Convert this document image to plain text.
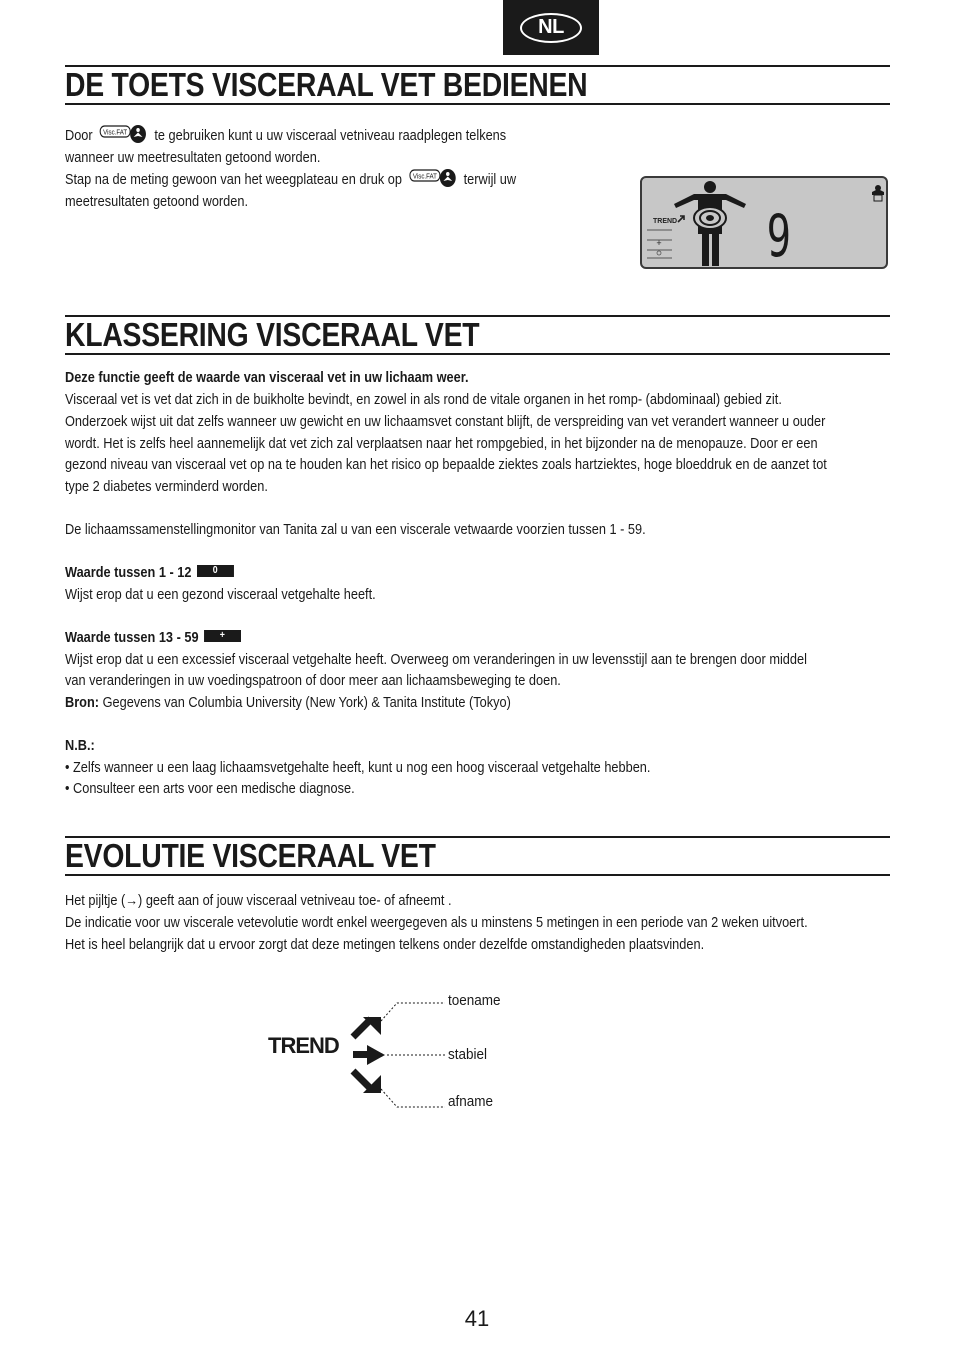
NL
DE TOETS VISCERAAL VET BEDIENEN
Door Visc.FAT te gebruiken kunt u uw visceraal vetniveau raadplegen telkens
wanneer uw meetresultaten getoond worden.
Stap na de meting gewoon van het weegplateau en druk op Visc.FAT terwijl uw
meetresultaten getoond worden.
+
TREND 9
KLASSERING VISCERAAL VET
Deze functie geeft de waarde van visceraal vet in uw lichaam weer.
Visceraal vet is vet dat zich in de buikholte bevindt, en zowel in als rond de vitale organen in het romp- (abdominaal) gebied zit.
Onderzoek wijst uit dat zelfs wanneer uw gewicht en uw lichaamsvet constant blijft, de verspreiding van vet verandert wanneer u ouder
wordt. Het is zelfs heel aannemelijk dat vet zich zal verplaatsen naar het rompgebied, in het bijzonder na de menopauze. Door er een
gezond niveau van visceraal vet op na te houden kan het risico op bepaalde ziektes zoals hartziektes, hoge bloeddruk en de aanzet tot
type 2 diabetes verminderd worden.
De lichaamssamenstellingmonitor van Tanita zal u van een viscerale vetwaarde voorzien tussen 1 - 59.
Waarde tussen 1 - 12 0
Wijst erop dat u een gezond visceraal vetgehalte heeft.
Waarde tussen 13 - 59 +
Wijst erop dat u een excessief visceraal vetgehalte heeft. Overweeg om veranderingen in uw levensstijl aan te brengen door middel
van veranderingen in uw voedingspatroon of door meer aan lichaamsbeweging te doen.
Bron: Gegevens van Columbia University (New York) & Tanita Institute (Tokyo)
N.B.:
• Zelfs wanneer u een laag lichaamsvetgehalte heeft, kunt u nog een hoog visceraal vetgehalte hebben.
• Consulteer een arts voor een medische diagnose.
EVOLUTIE VISCERAAL VET
Het pijltje (→) geeft aan of jouw visceraal vetniveau toe- of afneemt .
De indicatie voor uw viscerale vetevolutie wordt enkel weergegeven als u minstens 5 metingen in een periode van 2 weken uitvoert.
Het is heel belangrijk dat u ervoor zorgt dat deze metingen telkens onder dezelfde omstandigheden plaatsvinden.
TREND
toename
stabiel
afname
41
